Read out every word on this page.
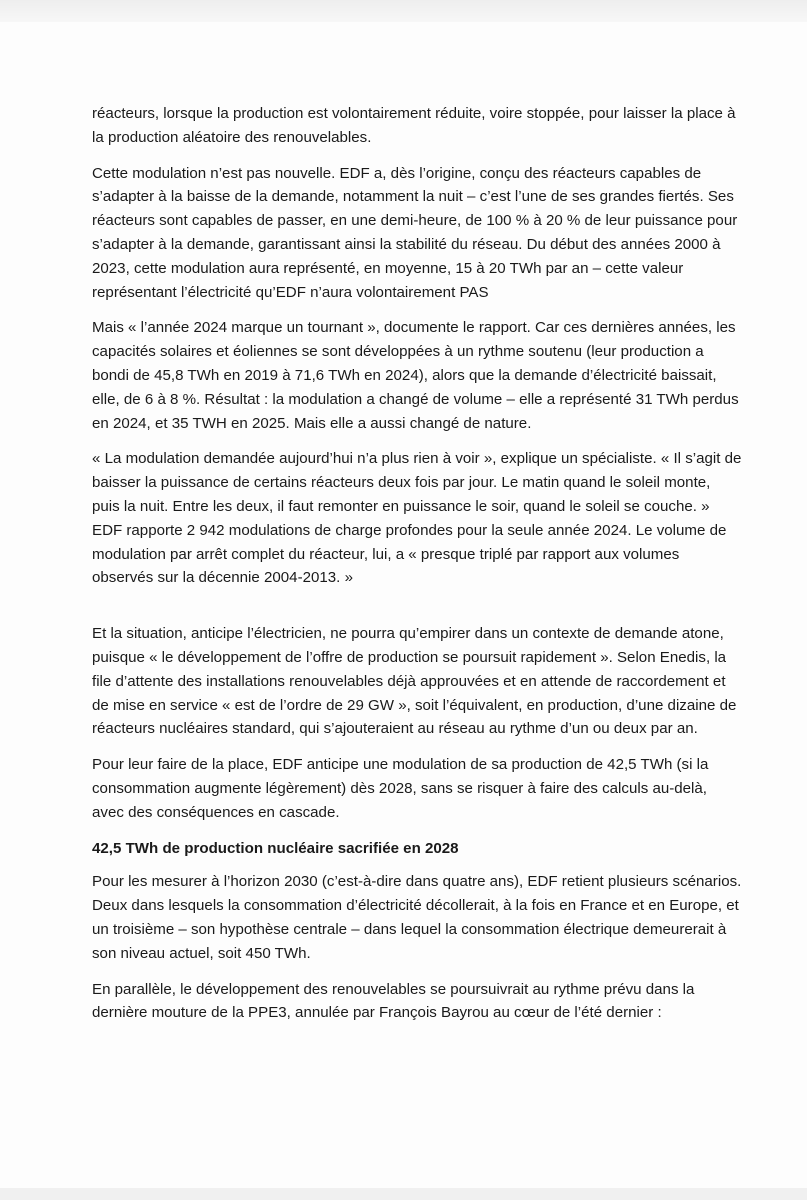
réacteurs, lorsque la production est volontairement réduite, voire stoppée, pour laisser la place à la production aléatoire des renouvelables.

Cette modulation n’est pas nouvelle. EDF a, dès l’origine, conçu des réacteurs capables de s’adapter à la baisse de la demande, notamment la nuit – c’est l’une de ses grandes fiertés. Ses réacteurs sont capables de passer, en une demi-heure, de 100 % à 20 % de leur puissance pour s’adapter à la demande, garantissant ainsi la stabilité du réseau. Du début des années 2000 à 2023, cette modulation aura représenté, en moyenne, 15 à 20 TWh par an – cette valeur représentant l’électricité qu’EDF n’aura volontairement PAS

Mais « l’année 2024 marque un tournant », documente le rapport. Car ces dernières années, les capacités solaires et éoliennes se sont développées à un rythme soutenu (leur production a bondi de 45,8 TWh en 2019 à 71,6 TWh en 2024), alors que la demande d’électricité baissait, elle, de 6 à 8 %. Résultat : la modulation a changé de volume – elle a représenté 31 TWh perdus en 2024, et 35 TWH en 2025. Mais elle a aussi changé de nature.

« La modulation demandée aujourd’hui n’a plus rien à voir », explique un spécialiste. « Il s’agit de baisser la puissance de certains réacteurs deux fois par jour. Le matin quand le soleil monte, puis la nuit. Entre les deux, il faut remonter en puissance le soir, quand le soleil se couche. » EDF rapporte 2 942 modulations de charge profondes pour la seule année 2024. Le volume de modulation par arrêt complet du réacteur, lui, a « presque triplé par rapport aux volumes observés sur la décennie 2004-2013. »

Et la situation, anticipe l’électricien, ne pourra qu’empirer dans un contexte de demande atone, puisque « le développement de l’offre de production se poursuit rapidement ». Selon Enedis, la file d’attente des installations renouvelables déjà approuvées et en attende de raccordement et de mise en service « est de l’ordre de 29 GW », soit l’équivalent, en production, d’une dizaine de réacteurs nucléaires standard, qui s’ajouteraient au réseau au rythme d’un ou deux par an.

Pour leur faire de la place, EDF anticipe une modulation de sa production de 42,5 TWh (si la consommation augmente légèrement) dès 2028, sans se risquer à faire des calculs au-delà, avec des conséquences en cascade.

42,5 TWh de production nucléaire sacrifiée en 2028

Pour les mesurer à l’horizon 2030 (c’est-à-dire dans quatre ans), EDF retient plusieurs scénarios. Deux dans lesquels la consommation d’électricité décollerait, à la fois en France et en Europe, et un troisième – son hypothèse centrale – dans lequel la consommation électrique demeurerait à son niveau actuel, soit 450 TWh.

En parallèle, le développement des renouvelables se poursuivrait au rythme prévu dans la dernière mouture de la PPE3, annulée par François Bayrou au cœur de l’été dernier :
